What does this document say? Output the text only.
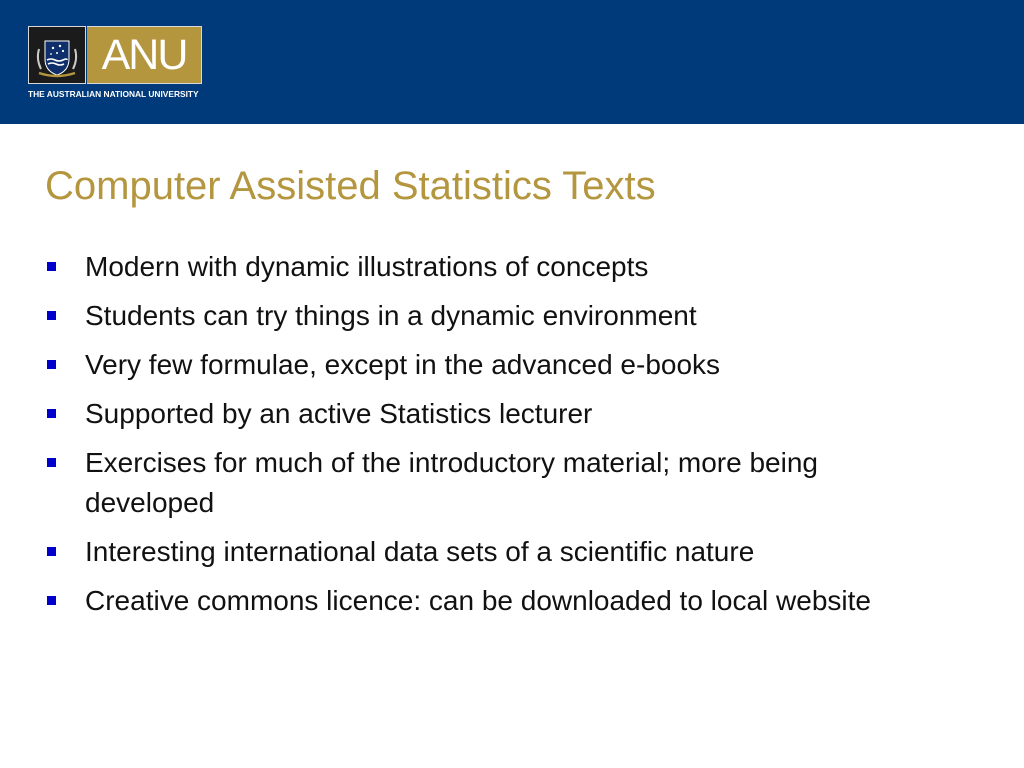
ANU
THE AUSTRALIAN NATIONAL UNIVERSITY
Computer Assisted Statistics Texts
Modern with dynamic illustrations of concepts
Students can try things in a dynamic environment
Very few formulae, except in the advanced e-books
Supported by an active Statistics lecturer
Exercises for much of the introductory material; more being developed
Interesting international data sets of a scientific nature
Creative commons licence: can be downloaded to local website
